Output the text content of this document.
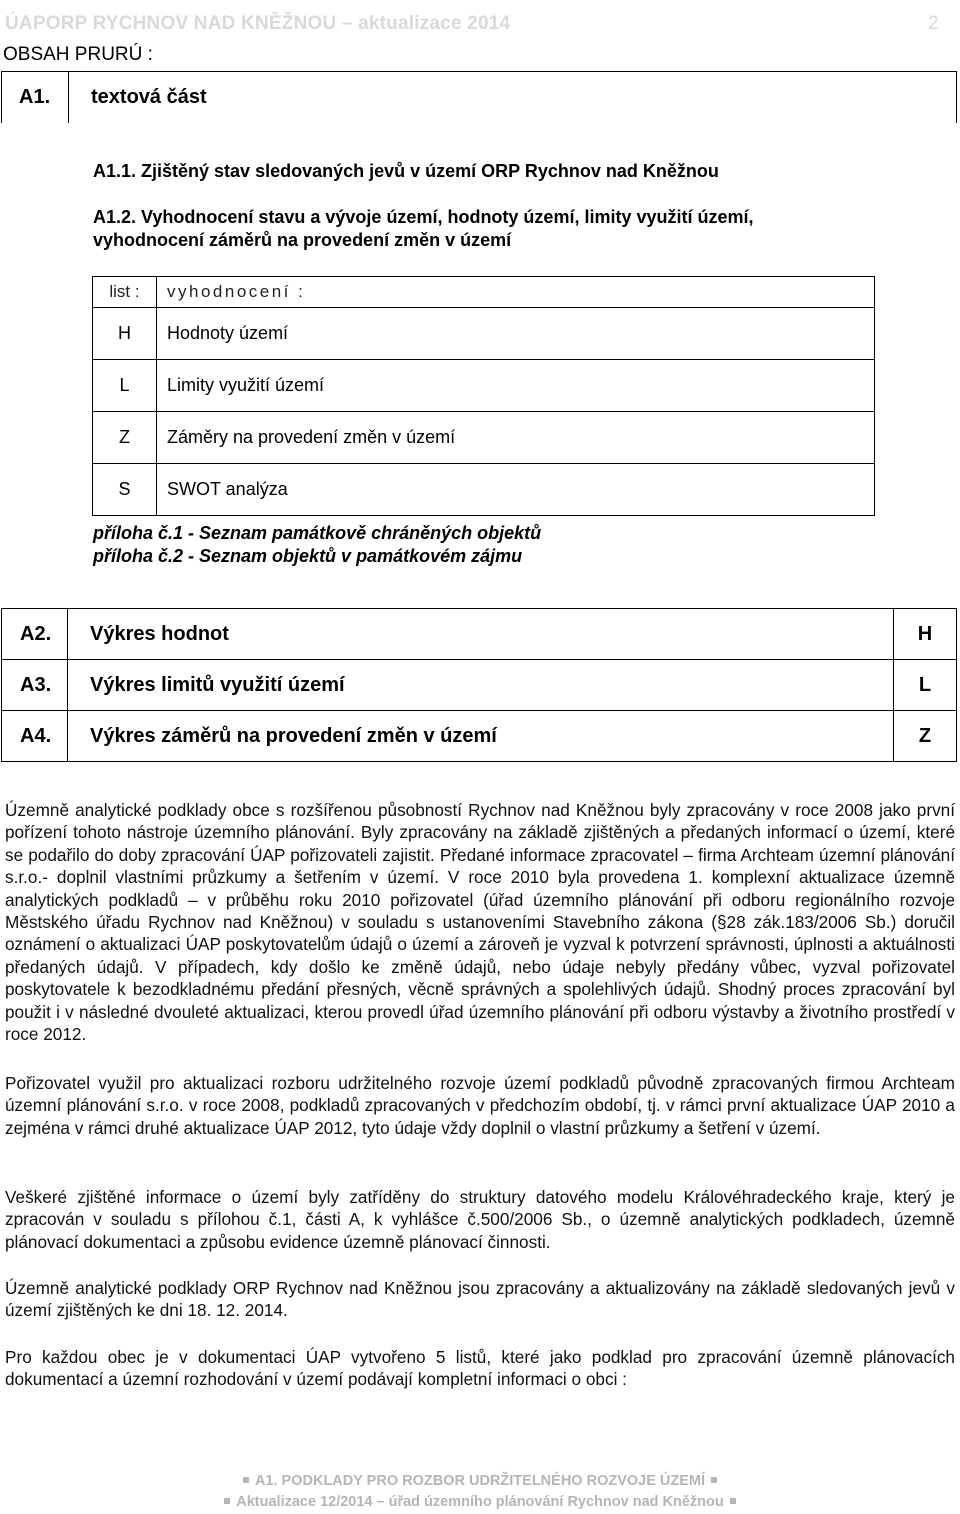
ÚAPORP RYCHNOV NAD KNĚŽNOU – aktualizace 2014	2
OBSAH PRURÚ :
A1. textová část
A1.1. Zjištěný stav sledovaných jevů v území ORP Rychnov nad Kněžnou
A1.2. Vyhodnocení stavu a vývoje území, hodnoty území, limity využití území,
vyhodnocení záměrů na provedení změn v území
list :	vyhodnocení :
H	Hodnoty území
L	Limity využití území
Z	Záměry na provedení změn v území
S	SWOT analýza
příloha č.1 - Seznam památkově chráněných objektů
příloha č.2 - Seznam objektů v památkovém zájmu
A2.	Výkres hodnot	H
A3.	Výkres limitů využití území	L
A4.	Výkres záměrů na provedení změn v území	Z
Územně analytické podklady obce s rozšířenou působností Rychnov nad Kněžnou byly zpracovány v roce 2008 jako první pořízení tohoto nástroje územního plánování. Byly zpracovány na základě zjištěných a předaných informací o území, které se podařilo do doby zpracování ÚAP pořizovateli zajistit. Předané informace zpracovatel – firma Archteam územní plánování s.r.o.- doplnil vlastními průzkumy a šetřením v území. V roce 2010 byla provedena 1. komplexní aktualizace územně analytických podkladů – v průběhu roku 2010 pořizovatel (úřad územního plánování při odboru regionálního rozvoje Městského úřadu Rychnov nad Kněžnou) v souladu s ustanoveními Stavebního zákona (§28 zák.183/2006 Sb.) doručil oznámení o aktualizaci ÚAP poskytovatelům údajů o území a zároveň je vyzval k potvrzení správnosti, úplnosti a aktuálnosti předaných údajů. V případech, kdy došlo ke změně údajů, nebo údaje nebyly předány vůbec, vyzval pořizovatel poskytovatele k bezodkladnému předání přesných, věcně správných a spolehlivých údajů. Shodný proces zpracování byl použit i v následné dvouleté aktualizaci, kterou provedl úřad územního plánování při odboru výstavby a životního prostředí v roce 2012.
Pořizovatel využil pro aktualizaci rozboru udržitelného rozvoje území podkladů původně zpracovaných firmou Archteam územní plánování s.r.o. v roce 2008, podkladů zpracovaných v předchozím období, tj. v rámci první aktualizace ÚAP 2010 a zejména v rámci druhé aktualizace ÚAP 2012, tyto údaje vždy doplnil o vlastní průzkumy a šetření v území.
Veškeré zjištěné informace o území byly zatříděny do struktury datového modelu Královéhradeckého kraje, který je zpracován v souladu s přílohou č.1, části A, k vyhlášce č.500/2006 Sb., o územně analytických podkladech, územně plánovací dokumentaci a způsobu evidence územně plánovací činnosti.
Územně analytické podklady ORP Rychnov nad Kněžnou jsou zpracovány a aktualizovány na základě sledovaných jevů v území zjištěných ke dni 18. 12. 2014.
Pro každou obec je v dokumentaci ÚAP vytvořeno 5 listů, které jako podklad pro zpracování územně plánovacích dokumentací a územní rozhodování v území podávají kompletní informaci o obci :
A1. PODKLADY PRO ROZBOR UDRŽITELNÉHO ROZVOJE ÚZEMÍ
Aktualizace 12/2014 – úřad územního plánování Rychnov nad Kněžnou
